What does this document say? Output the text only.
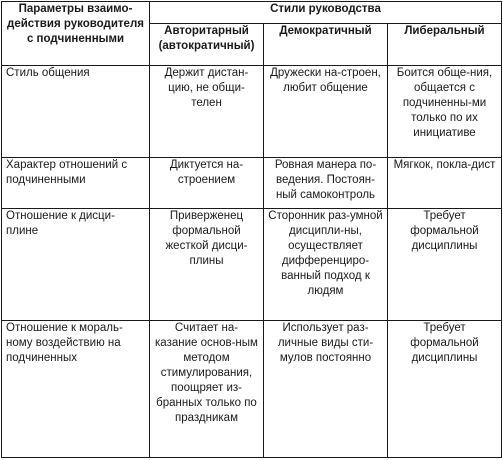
Параметры взаимо-действия руководителя с подчиненными	Стили руководства		
	Авторитарный (автократичный)	Демократичный	Либеральный
Стиль общения	Держит дистан-цию, не общи-телен	Дружески на-строен, любит общение	Боится обще-ния, общается с подчиненны-ми только по их инициативе
Характер отношений с подчиненными	Диктуется на-строением	Ровная манера по-ведения. Постоян-ный самоконтроль	Мягкок, покла-дист
Отношение к дисци-плине	Приверженец формальной жесткой дисци-плины	Сторонник раз-умной дисципли-ны, осуществляет дифференциро-ванный подход к людям	Требует формальной дисциплины
Отношение к мораль-ному воздействию на подчиненных	Считает на-казание основ-ным методом стимулирования, поощряет из-бранных только по праздникам	Использует раз-личные виды сти-мулов постоянно	Требует формальной дисциплины
